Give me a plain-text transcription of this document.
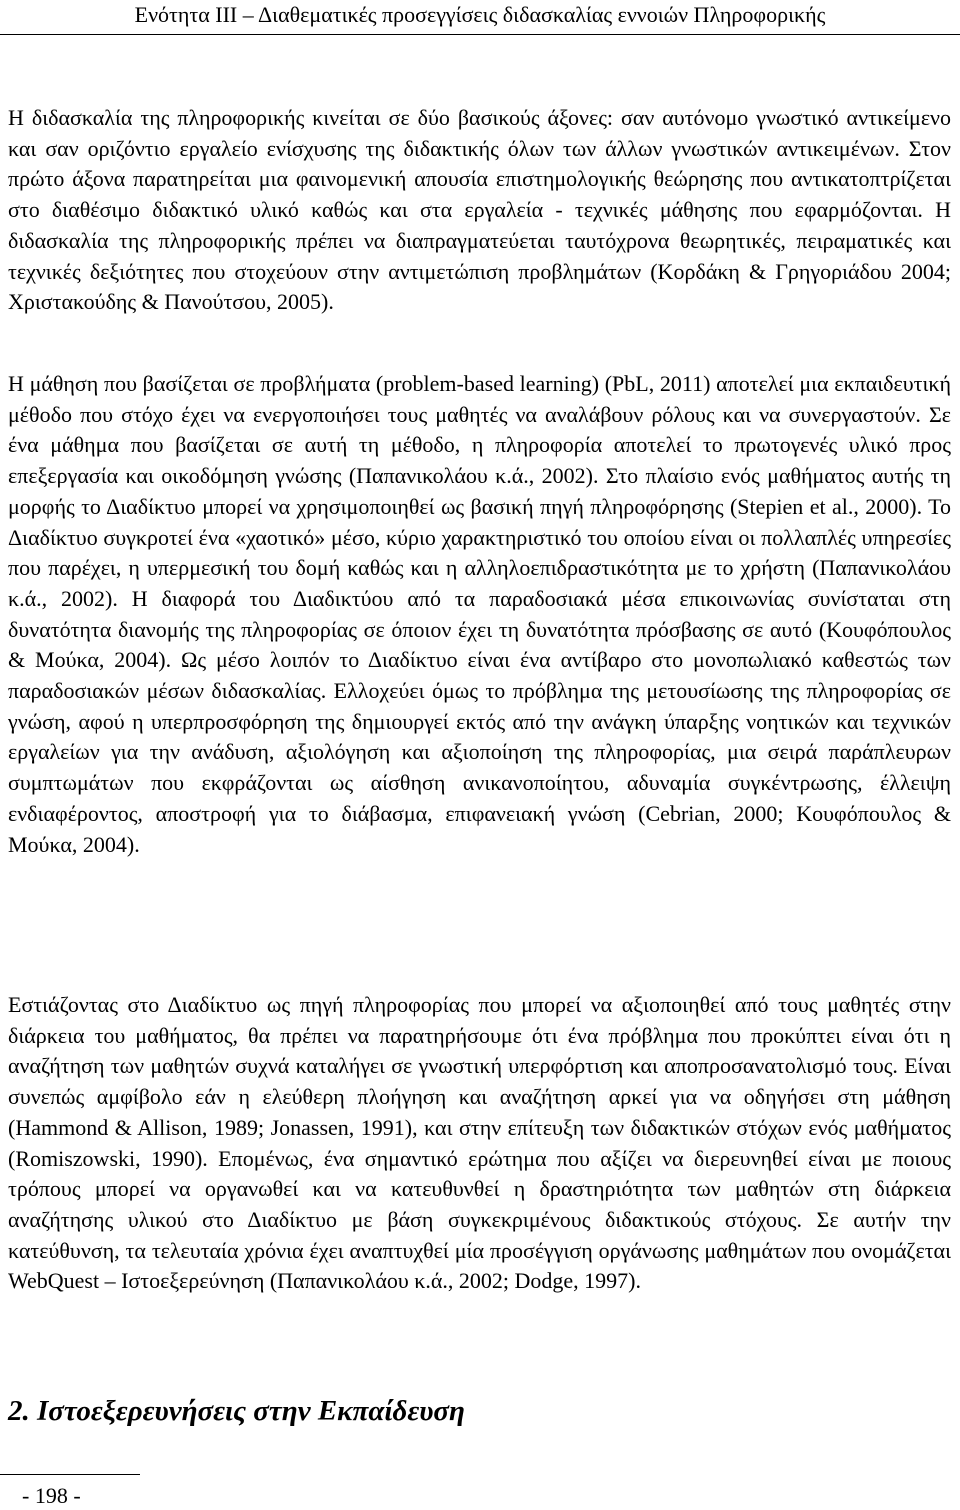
Ενότητα ΙΙΙ – Διαθεματικές προσεγγίσεις διδασκαλίας εννοιών Πληροφορικής

Η διδασκαλία της πληροφορικής κινείται σε δύο βασικούς άξονες: σαν αυτόνομο γνωστικό αντικείμενο και σαν οριζόντιο εργαλείο ενίσχυσης της διδακτικής όλων των άλλων γνωστικών αντικειμένων. Στον πρώτο άξονα παρατηρείται μια φαινομενική απουσία επιστημολογικής θεώρησης που αντικατοπτρίζεται στο διαθέσιμο διδακτικό υλικό καθώς και στα εργαλεία - τεχνικές μάθησης που εφαρμόζονται. Η διδασκαλία της πληροφορικής πρέπει να διαπραγματεύεται ταυτόχρονα θεωρητικές, πειραματικές και τεχνικές δεξιότητες που στοχεύουν στην αντιμετώπιση προβλημάτων (Κορδάκη & Γρηγοριάδου 2004; Χριστακούδης & Πανούτσου, 2005).

Η μάθηση που βασίζεται σε προβλήματα (problem-based learning) (PbL, 2011) αποτελεί μια εκπαιδευτική μέθοδο που στόχο έχει να ενεργοποιήσει τους μαθητές να αναλάβουν ρόλους και να συνεργαστούν. Σε ένα μάθημα που βασίζεται σε αυτή τη μέθοδο, η πληροφορία αποτελεί το πρωτογενές υλικό προς επεξεργασία και οικοδόμηση γνώσης (Παπανικολάου κ.ά., 2002). Στο πλαίσιο ενός μαθήματος αυτής τη μορφής το Διαδίκτυο μπορεί να χρησιμοποιηθεί ως βασική πηγή πληροφόρησης (Stepien et al., 2000). Το Διαδίκτυο συγκροτεί ένα «χαοτικό» μέσο, κύριο χαρακτηριστικό του οποίου είναι οι πολλαπλές υπηρεσίες που παρέχει, η υπερμεσική του δομή καθώς και η αλληλοεπιδραστικότητα με το χρήστη (Παπανικολάου κ.ά., 2002). Η διαφορά του Διαδικτύου από τα παραδοσιακά μέσα επικοινωνίας συνίσταται στη δυνατότητα διανομής της πληροφορίας σε όποιον έχει τη δυνατότητα πρόσβασης σε αυτό (Κουφόπουλος & Μούκα, 2004). Ως μέσο λοιπόν το Διαδίκτυο είναι ένα αντίβαρο στο μονοπωλιακό καθεστώς των παραδοσιακών μέσων διδασκαλίας. Ελλοχεύει όμως το πρόβλημα της μετουσίωσης της πληροφορίας σε γνώση, αφού η υπερπροσφόρηση της δημιουργεί εκτός από την ανάγκη ύπαρξης νοητικών και τεχνικών εργαλείων για την ανάδυση, αξιολόγηση και αξιοποίηση της πληροφορίας, μια σειρά παράπλευρων συμπτωμάτων που εκφράζονται ως αίσθηση ανικανοποίητου, αδυναμία συγκέντρωσης, έλλειψη ενδιαφέροντος, αποστροφή για το διάβασμα, επιφανειακή γνώση (Cebrian, 2000; Κουφόπουλος & Μούκα, 2004).

Εστιάζοντας στο Διαδίκτυο ως πηγή πληροφορίας που μπορεί να αξιοποιηθεί από τους μαθητές στην διάρκεια του μαθήματος, θα πρέπει να παρατηρήσουμε ότι ένα πρόβλημα που προκύπτει είναι ότι η αναζήτηση των μαθητών συχνά καταλήγει σε γνωστική υπερφόρτιση και αποπροσανατολισμό τους. Είναι συνεπώς αμφίβολο εάν η ελεύθερη πλοήγηση και αναζήτηση αρκεί για να οδηγήσει στη μάθηση (Hammond & Allison, 1989; Jonassen, 1991), και στην επίτευξη των διδακτικών στόχων ενός μαθήματος (Romiszowski, 1990). Επομένως, ένα σημαντικό ερώτημα που αξίζει να διερευνηθεί είναι με ποιους τρόπους μπορεί να οργανωθεί και να κατευθυνθεί η δραστηριότητα των μαθητών στη διάρκεια αναζήτησης υλικού στο Διαδίκτυο με βάση συγκεκριμένους διδακτικούς στόχους. Σε αυτήν την κατεύθυνση, τα τελευταία χρόνια έχει αναπτυχθεί μία προσέγγιση οργάνωσης μαθημάτων που ονομάζεται WebQuest – Ιστοεξερεύνηση (Παπανικολάου κ.ά., 2002; Dodge, 1997).

2. Ιστοεξερευνήσεις στην Εκπαίδευση
- 198 -
